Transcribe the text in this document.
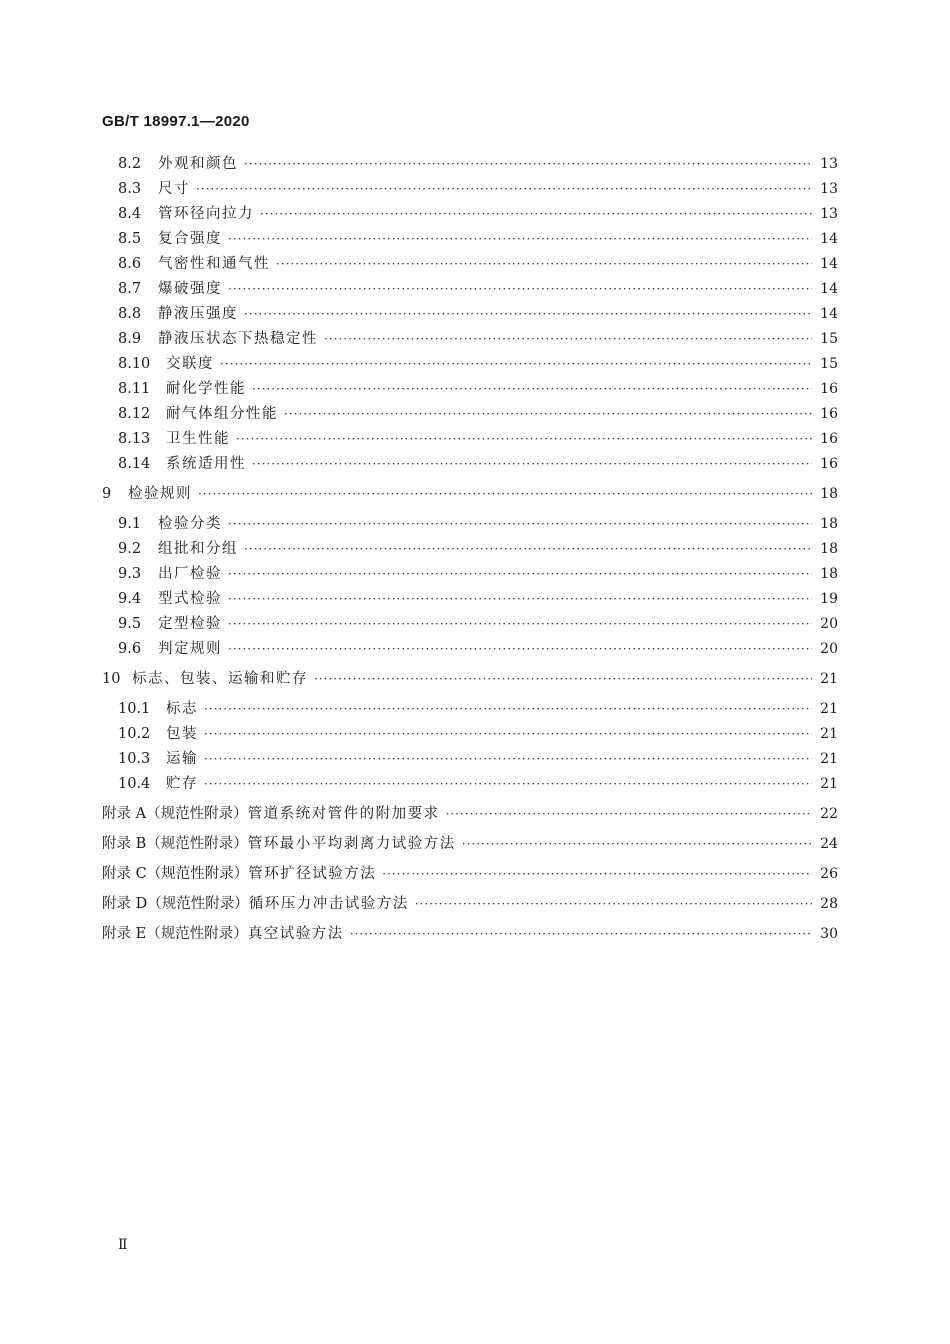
GB/T 18997.1—2020
8.2	外观和颜色 ·····	13
8.3	尺寸 ·····	13
8.4	管环径向拉力 ·····	13
8.5	复合强度 ·····	14
8.6	气密性和通气性 ·····	14
8.7	爆破强度 ·····	14
8.8	静液压强度 ·····	14
8.9	静液压状态下热稳定性 ·····	15
8.10	交联度 ·····	15
8.11	耐化学性能 ·····	16
8.12	耐气体组分性能 ·····	16
8.13	卫生性能 ·····	16
8.14	系统适用性 ·····	16
9	检验规则 ·····	18
9.1	检验分类 ·····	18
9.2	组批和分组 ·····	18
9.3	出厂检验 ·····	18
9.4	型式检验 ·····	19
9.5	定型检验 ·····	20
9.6	判定规则 ·····	20
10 标志、包装、运输和贮存 ·····	21
10.1	标志 ·····	21
10.2	包装 ·····	21
10.3	运输 ·····	21
10.4	贮存 ·····	21
附录 A（规范性附录） 管道系统对管件的附加要求 ·····	22
附录 B（规范性附录） 管环最小平均剥离力试验方法 ·····	24
附录 C（规范性附录） 管环扩径试验方法 ·····	26
附录 D（规范性附录） 循环压力冲击试验方法 ·····	28
附录 E（规范性附录） 真空试验方法 ·····	30
Ⅱ
